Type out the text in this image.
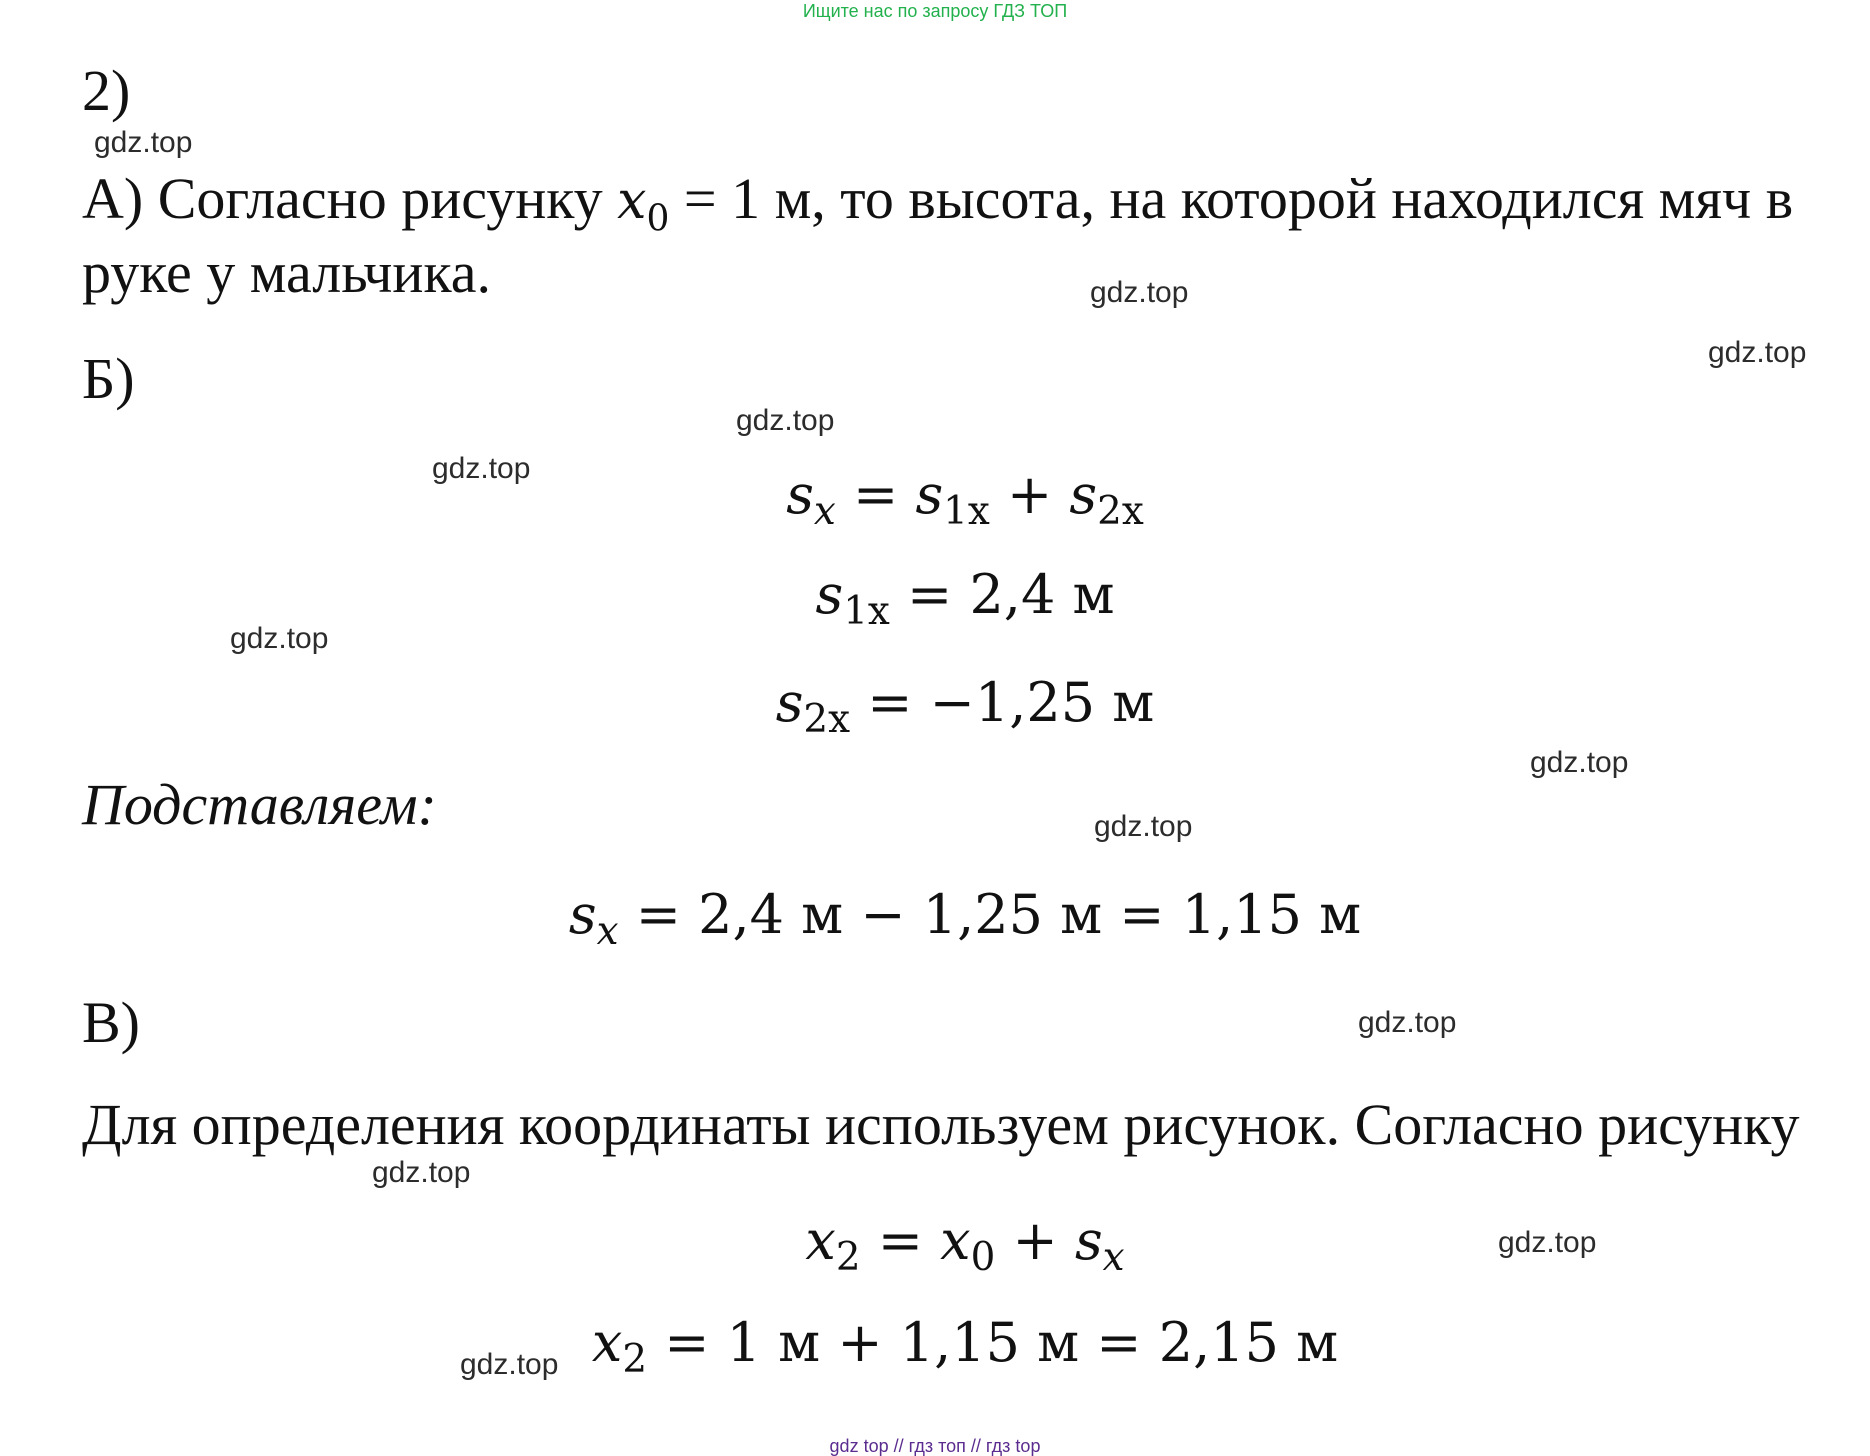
Ищите нас по запросу ГДЗ ТОП
2)
А) Согласно рисунку $x_0 = 1$ м, то высота, на которой находился мяч в
руке у мальчика.
Б)
$s_x = s_{1x} + s_{2x}$
$s_{1x} = 2,4$ м
$s_{2x} = -1,25$ м
Подставляем:
$s_x = 2,4$ м − 1,25 м = 1,15 м
В)
Для определения координаты используем рисунок. Согласно рисунку
$x_2 = x_0 + s_x$
$x_2 = 1$ м + 1,15 м = 2,15 м
gdz.top
gdz.top
gdz.top
gdz.top
gdz.top
gdz.top
gdz.top
gdz.top
gdz.top
gdz.top
gdz.top
gdz.top
gdz top // гдз топ // гдз top
